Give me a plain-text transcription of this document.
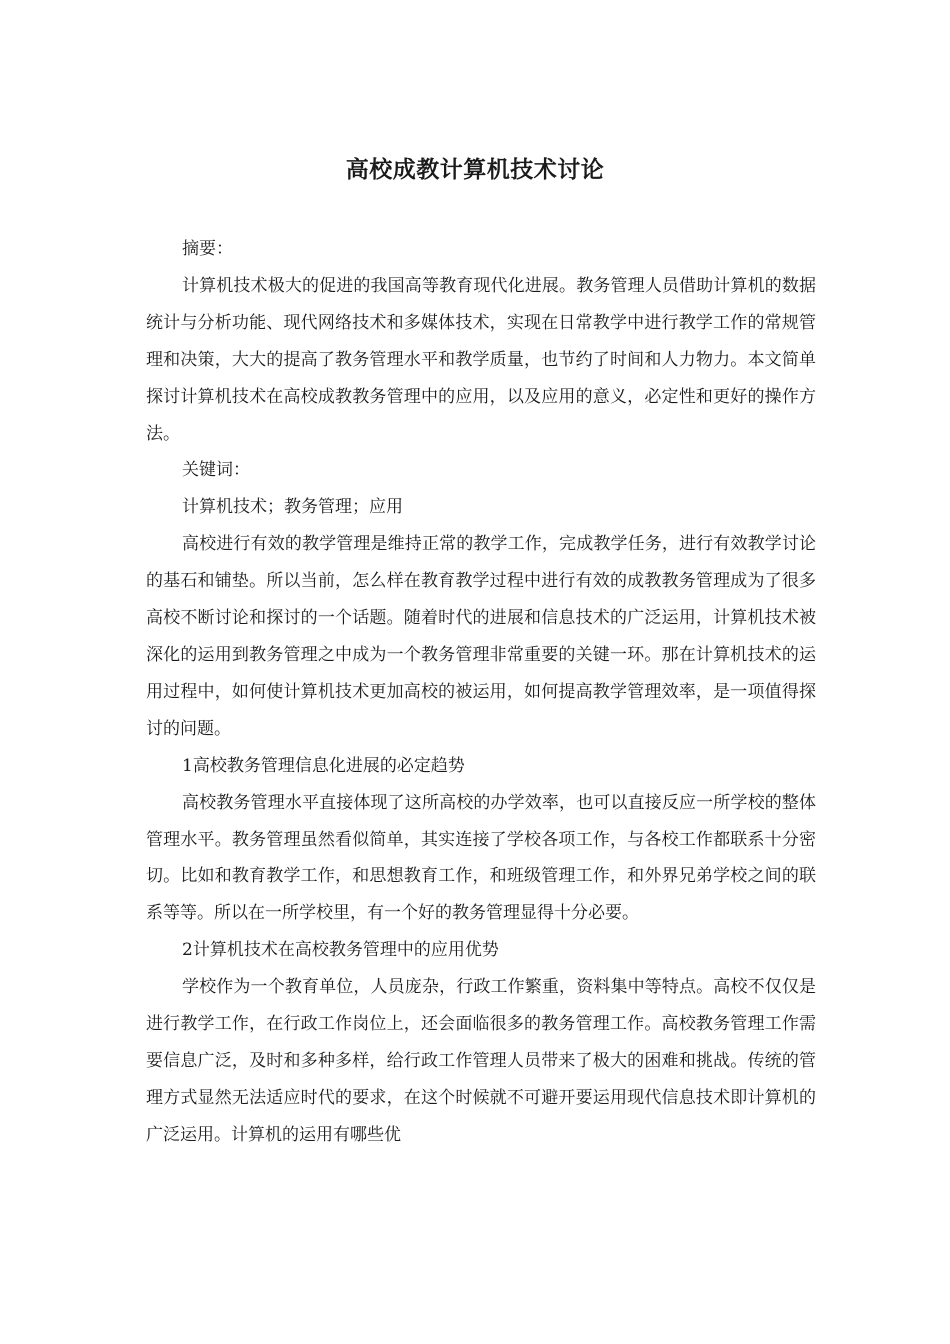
高校成教计算机技术讨论

摘要：

计算机技术极大的促进的我国高等教育现代化进展。教务管理人员借助计算机的数据统计与分析功能、现代网络技术和多媒体技术，实现在日常教学中进行教学工作的常规管理和决策，大大的提高了教务管理水平和教学质量，也节约了时间和人力物力。本文简单探讨计算机技术在高校成教教务管理中的应用，以及应用的意义，必定性和更好的操作方法。

关键词：

计算机技术；教务管理；应用

高校进行有效的教学管理是维持正常的教学工作，完成教学任务，进行有效教学讨论的基石和铺垫。所以当前，怎么样在教育教学过程中进行有效的成教教务管理成为了很多高校不断讨论和探讨的一个话题。随着时代的进展和信息技术的广泛运用，计算机技术被深化的运用到教务管理之中成为一个教务管理非常重要的关键一环。那在计算机技术的运用过程中，如何使计算机技术更加高校的被运用，如何提高教学管理效率，是一项值得探讨的问题。

1高校教务管理信息化进展的必定趋势

高校教务管理水平直接体现了这所高校的办学效率，也可以直接反应一所学校的整体管理水平。教务管理虽然看似简单，其实连接了学校各项工作，与各校工作都联系十分密切。比如和教育教学工作，和思想教育工作，和班级管理工作，和外界兄弟学校之间的联系等等。所以在一所学校里，有一个好的教务管理显得十分必要。

2计算机技术在高校教务管理中的应用优势

学校作为一个教育单位，人员庞杂，行政工作繁重，资料集中等特点。高校不仅仅是进行教学工作，在行政工作岗位上，还会面临很多的教务管理工作。高校教务管理工作需要信息广泛，及时和多种多样，给行政工作管理人员带来了极大的困难和挑战。传统的管理方式显然无法适应时代的要求，在这个时候就不可避开要运用现代信息技术即计算机的广泛运用。计算机的运用有哪些优
